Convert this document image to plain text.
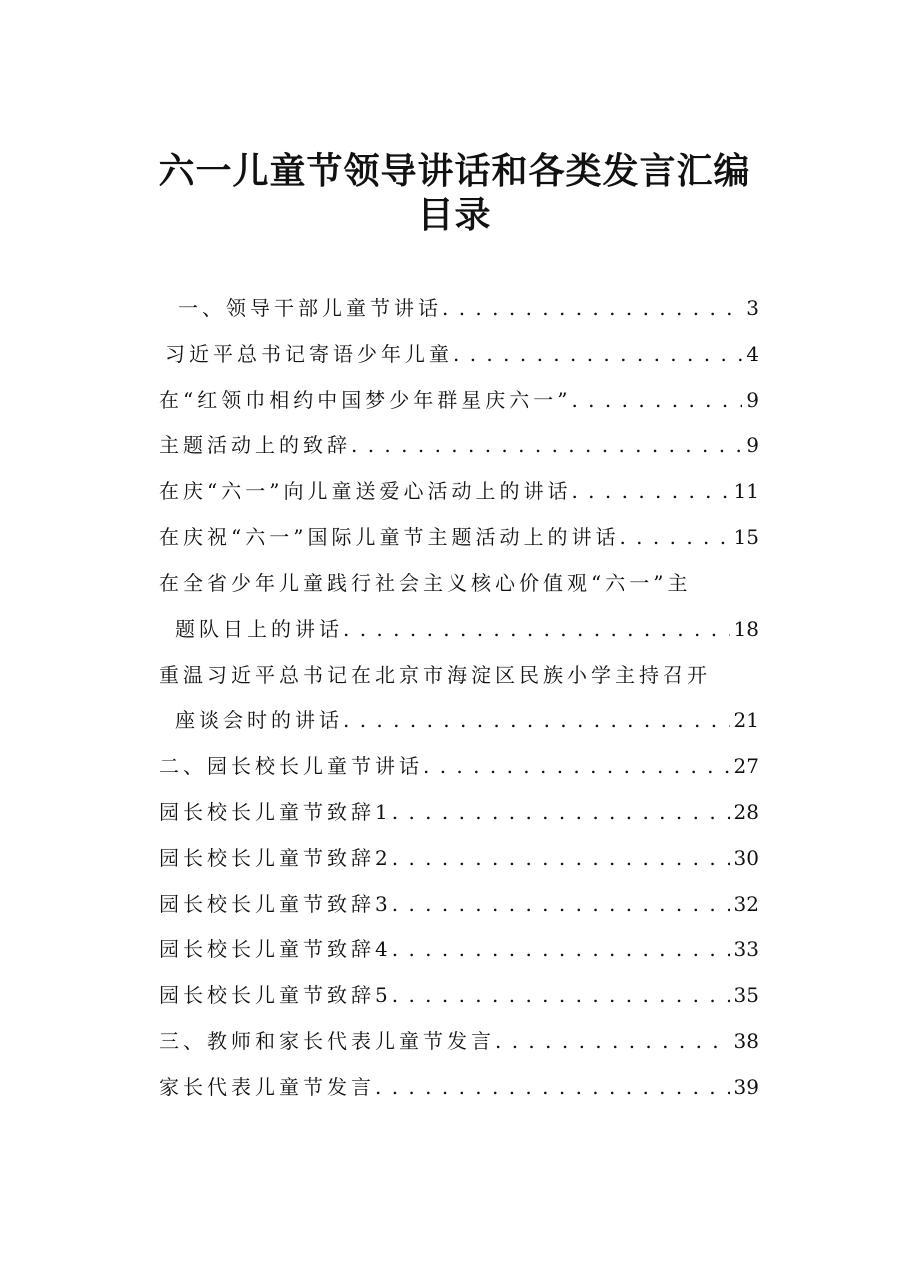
六一儿童节领导讲话和各类发言汇编
目录
一、领导干部儿童节讲话 . . .	3
习近平总书记寄语少年儿童 . . .	4
在“红领巾相约中国梦少年群星庆六一” . . .	9
主题活动上的致辞 . . .	9
在庆“六一”向儿童送爱心活动上的讲话 . . .	11
在庆祝“六一”国际儿童节主题活动上的讲话 . . .	15
在全省少年儿童践行社会主义核心价值观“六一”主
题队日上的讲话 . . .	18
重温习近平总书记在北京市海淀区民族小学主持召开
座谈会时的讲话 . . .	21
二、园长校长儿童节讲话 . . .	27
园长校长儿童节致辞1 . . .	28
园长校长儿童节致辞2 . . .	30
园长校长儿童节致辞3 . . .	32
园长校长儿童节致辞4 . . .	33
园长校长儿童节致辞5 . . .	35
三、教师和家长代表儿童节发言 . . .	38
家长代表儿童节发言 . . .	39
